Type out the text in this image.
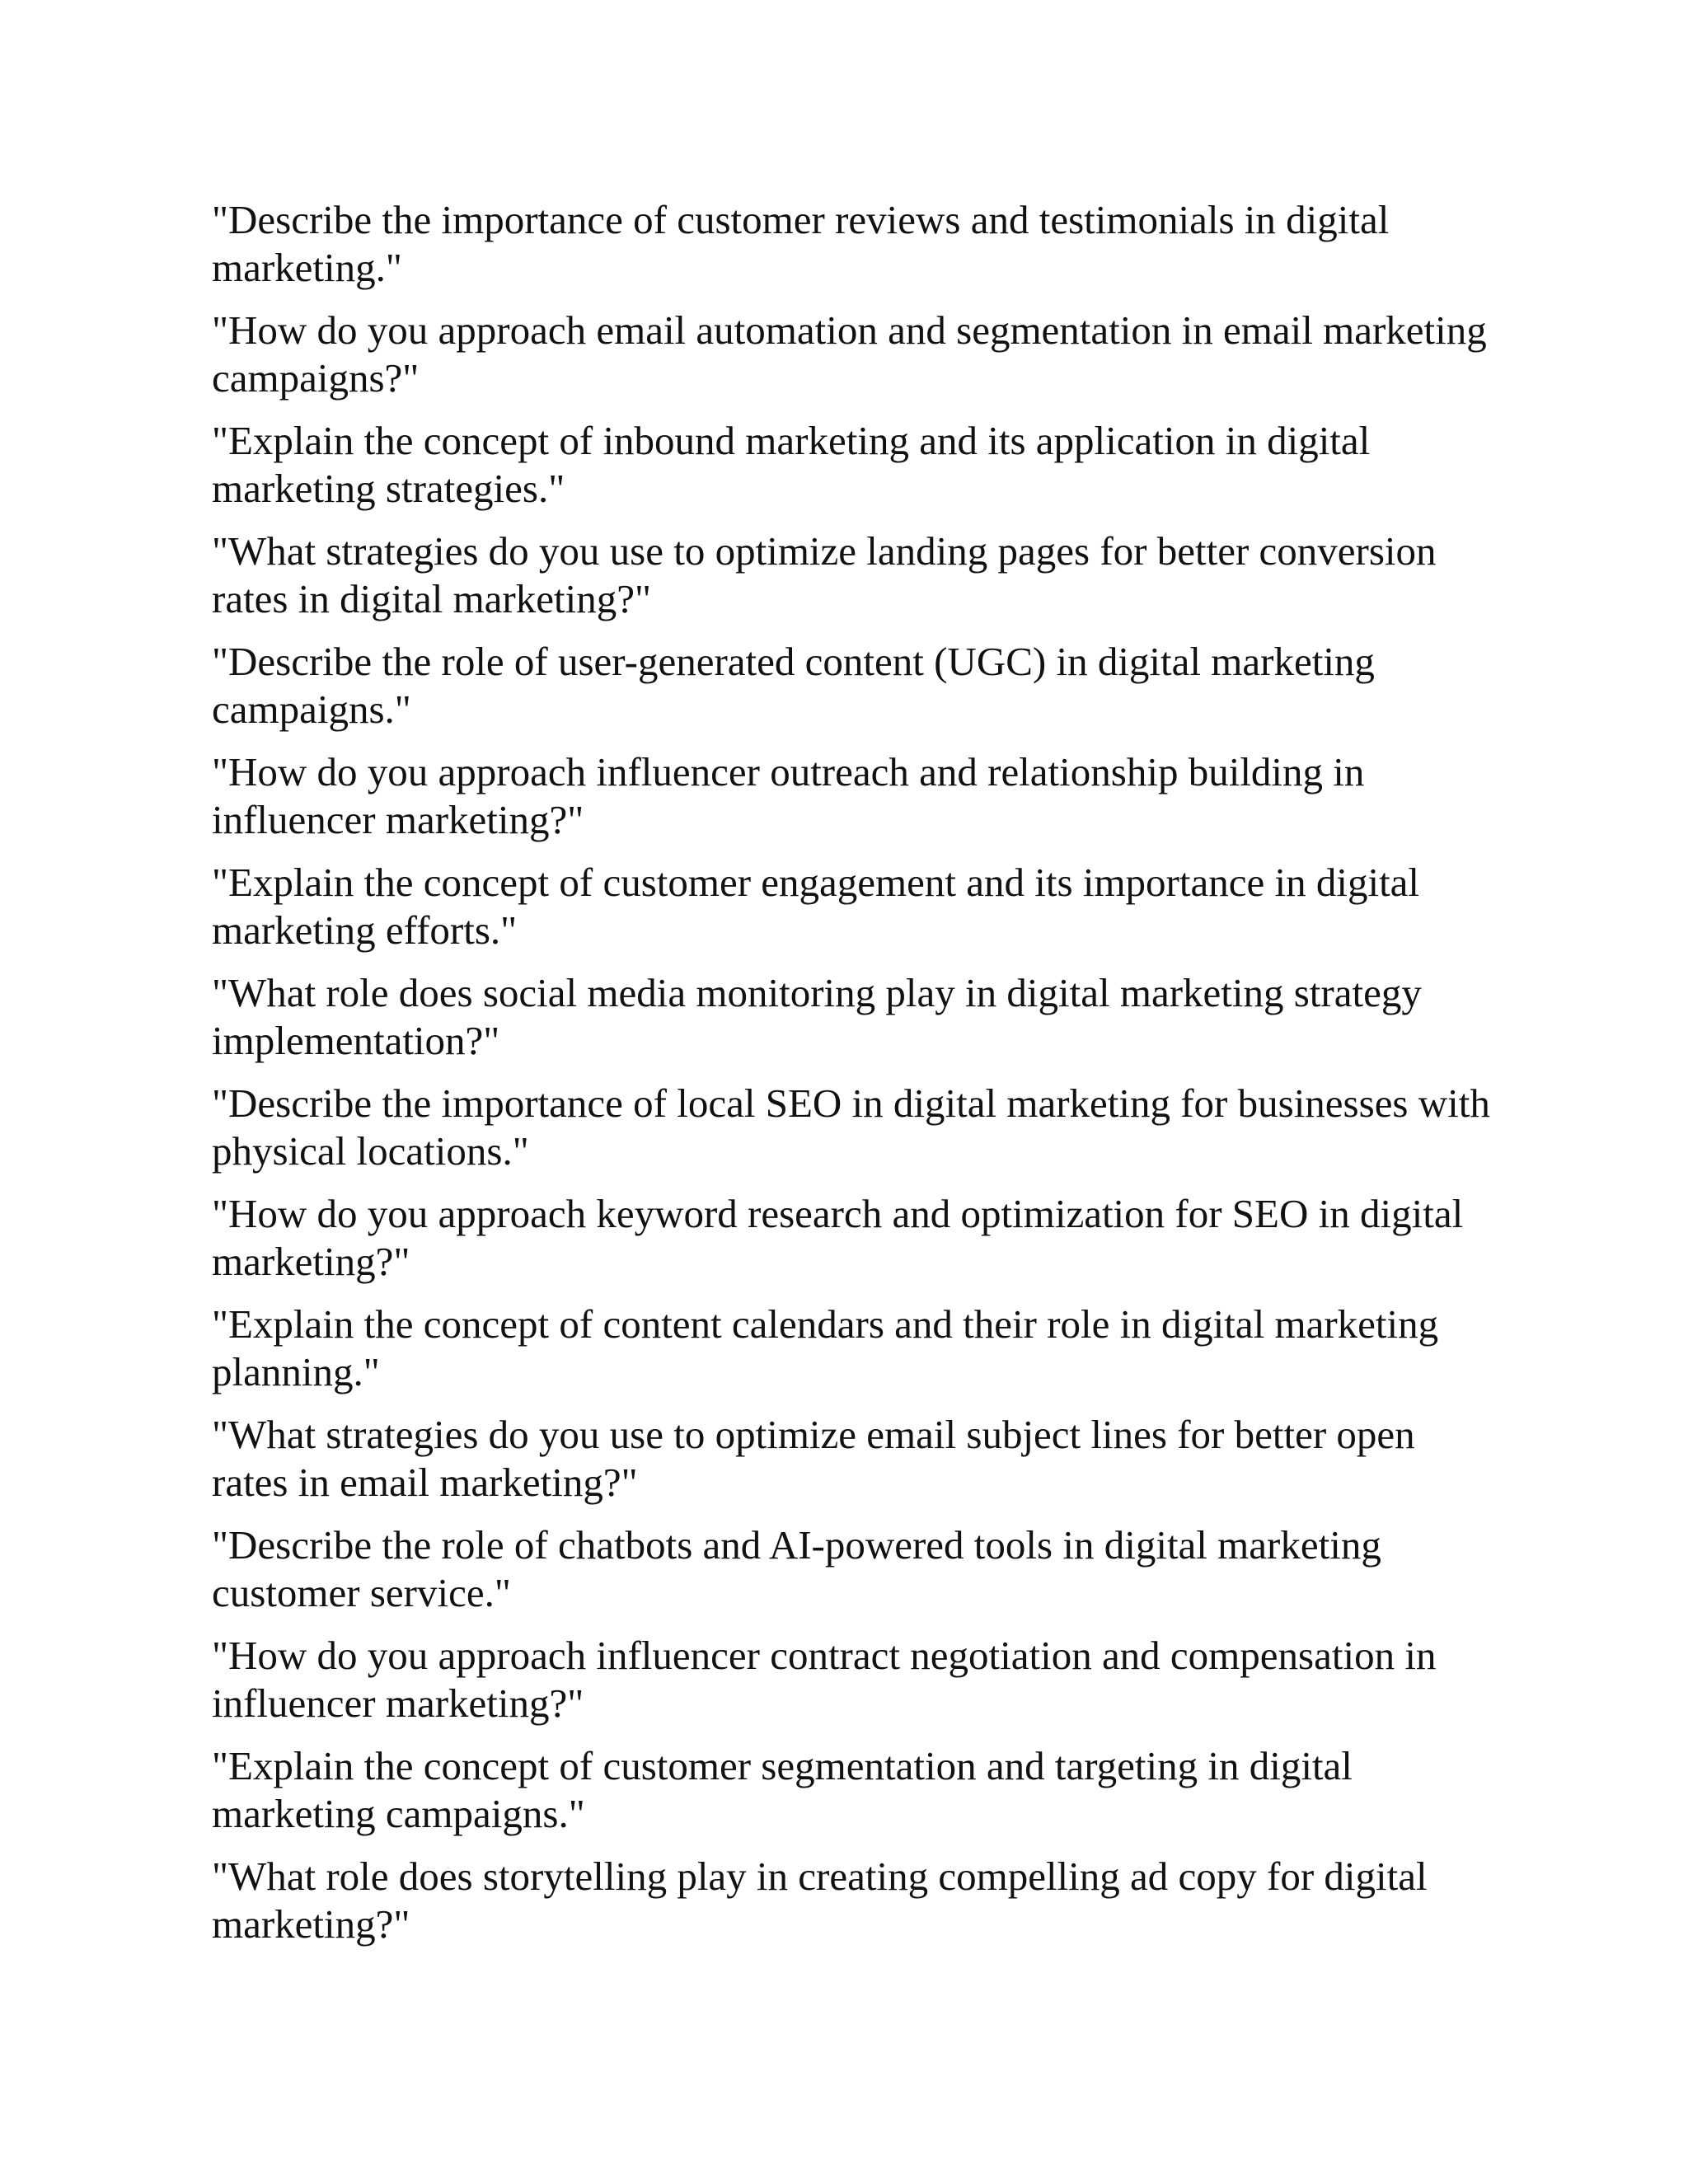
"Describe the importance of customer reviews and testimonials in digital marketing."
"How do you approach email automation and segmentation in email marketing campaigns?"
"Explain the concept of inbound marketing and its application in digital marketing strategies."
"What strategies do you use to optimize landing pages for better conversion rates in digital marketing?"
"Describe the role of user-generated content (UGC) in digital marketing campaigns."
"How do you approach influencer outreach and relationship building in influencer marketing?"
"Explain the concept of customer engagement and its importance in digital marketing efforts."
"What role does social media monitoring play in digital marketing strategy implementation?"
"Describe the importance of local SEO in digital marketing for businesses with physical locations."
"How do you approach keyword research and optimization for SEO in digital marketing?"
"Explain the concept of content calendars and their role in digital marketing planning."
"What strategies do you use to optimize email subject lines for better open rates in email marketing?"
"Describe the role of chatbots and AI-powered tools in digital marketing customer service."
"How do you approach influencer contract negotiation and compensation in influencer marketing?"
"Explain the concept of customer segmentation and targeting in digital marketing campaigns."
"What role does storytelling play in creating compelling ad copy for digital marketing?"
